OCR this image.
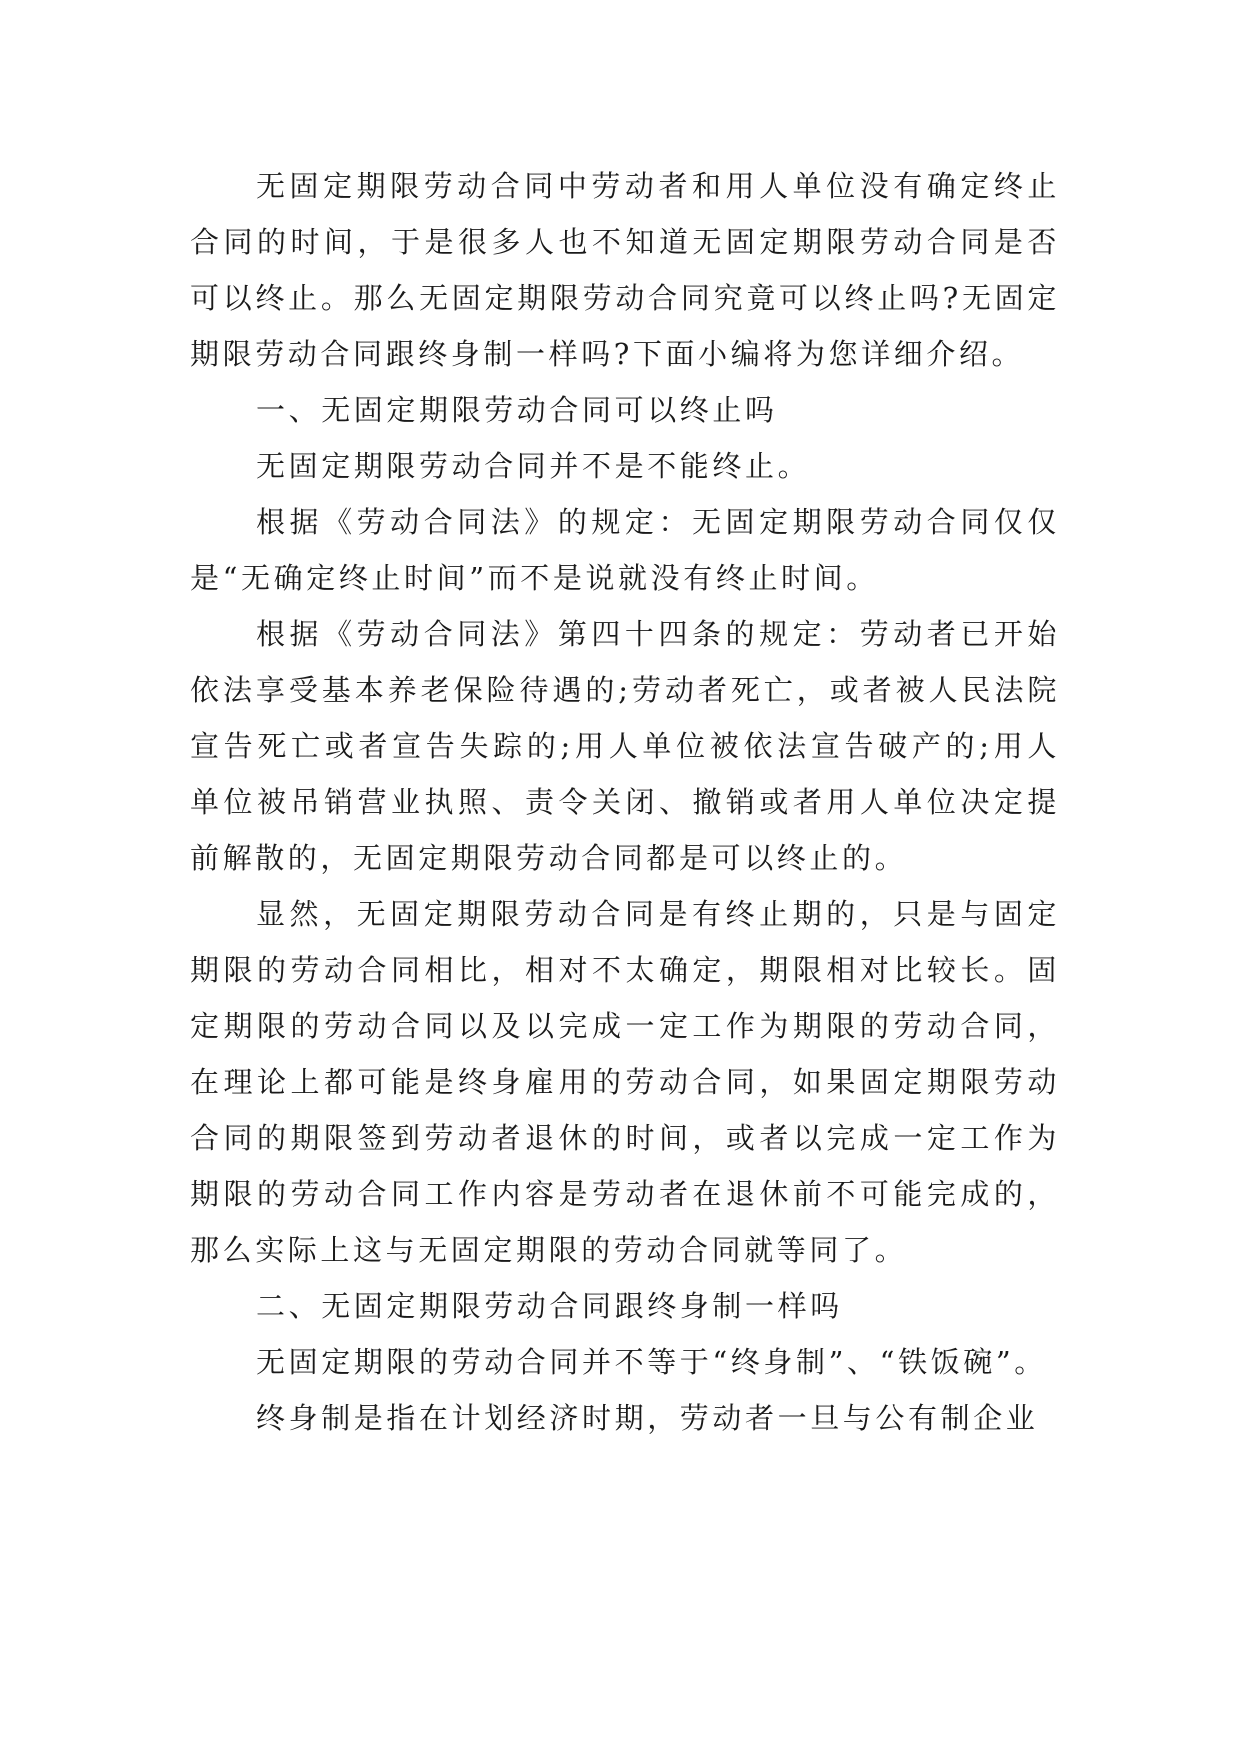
无固定期限劳动合同中劳动者和用人单位没有确定终止合同的时间，于是很多人也不知道无固定期限劳动合同是否可以终止。那么无固定期限劳动合同究竟可以终止吗?无固定期限劳动合同跟终身制一样吗?下面小编将为您详细介绍。

一、无固定期限劳动合同可以终止吗

无固定期限劳动合同并不是不能终止。

根据《劳动合同法》的规定：无固定期限劳动合同仅仅是“无确定终止时间”而不是说就没有终止时间。

根据《劳动合同法》第四十四条的规定：劳动者已开始依法享受基本养老保险待遇的;劳动者死亡，或者被人民法院宣告死亡或者宣告失踪的;用人单位被依法宣告破产的;用人单位被吊销营业执照、责令关闭、撤销或者用人单位决定提前解散的，无固定期限劳动合同都是可以终止的。

显然，无固定期限劳动合同是有终止期的，只是与固定期限的劳动合同相比，相对不太确定，期限相对比较长。固定期限的劳动合同以及以完成一定工作为期限的劳动合同，在理论上都可能是终身雇用的劳动合同，如果固定期限劳动合同的期限签到劳动者退休的时间，或者以完成一定工作为期限的劳动合同工作内容是劳动者在退休前不可能完成的，那么实际上这与无固定期限的劳动合同就等同了。

二、无固定期限劳动合同跟终身制一样吗

无固定期限的劳动合同并不等于“终身制”、“铁饭碗”。

终身制是指在计划经济时期，劳动者一旦与公有制企业
